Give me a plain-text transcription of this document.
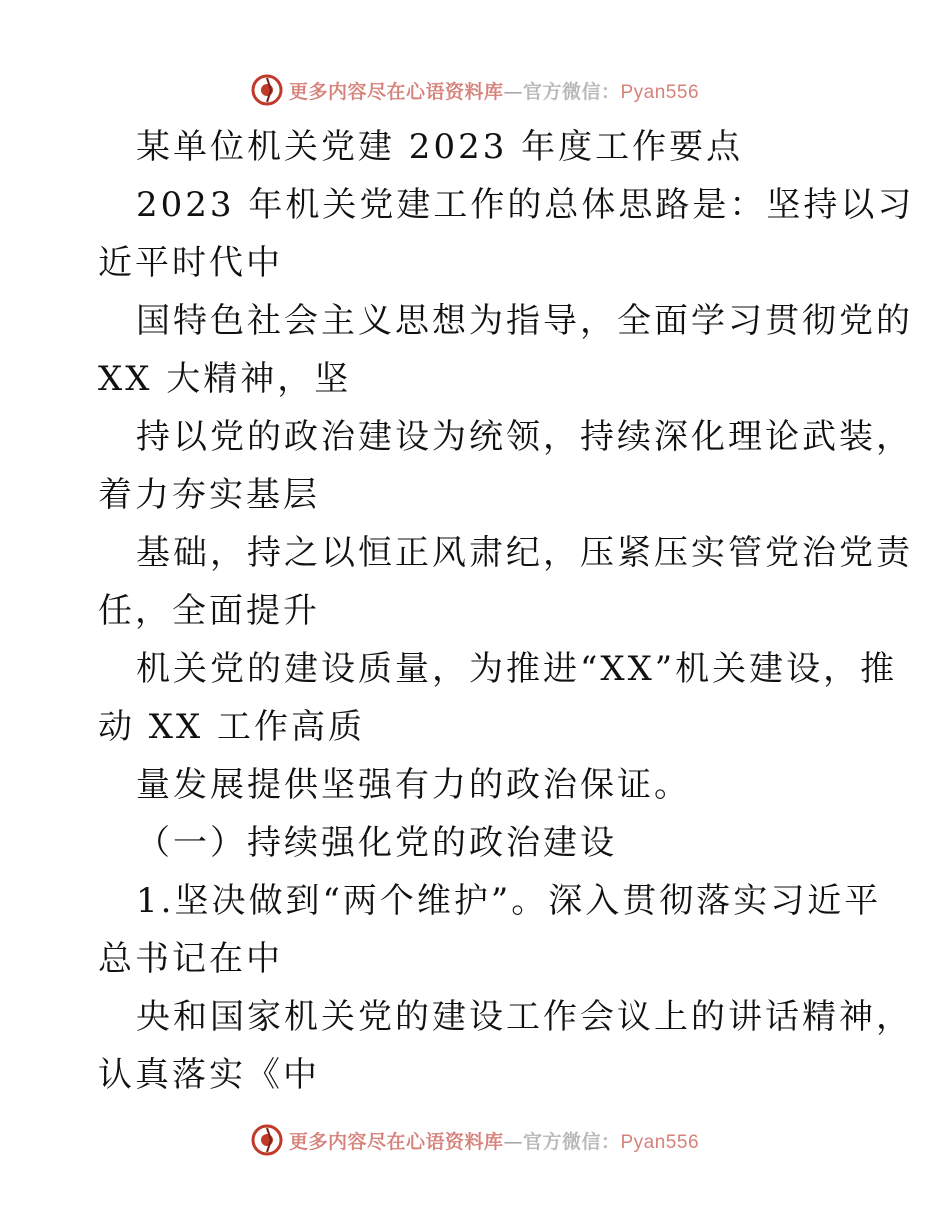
更多内容尽在心语资料库—官方微信：Pyan556
某单位机关党建 2023 年度工作要点
2023 年机关党建工作的总体思路是：坚持以习
近平时代中
国特色社会主义思想为指导，全面学习贯彻党的
XX 大精神，坚
持以党的政治建设为统领，持续深化理论武装，
着力夯实基层
基础，持之以恒正风肃纪，压紧压实管党治党责
任，全面提升
机关党的建设质量，为推进“XX”机关建设，推
动 XX 工作高质
量发展提供坚强有力的政治保证。
（一）持续强化党的政治建设
1.坚决做到“两个维护”。深入贯彻落实习近平
总书记在中
央和国家机关党的建设工作会议上的讲话精神，
认真落实《中
更多内容尽在心语资料库—官方微信：Pyan556
